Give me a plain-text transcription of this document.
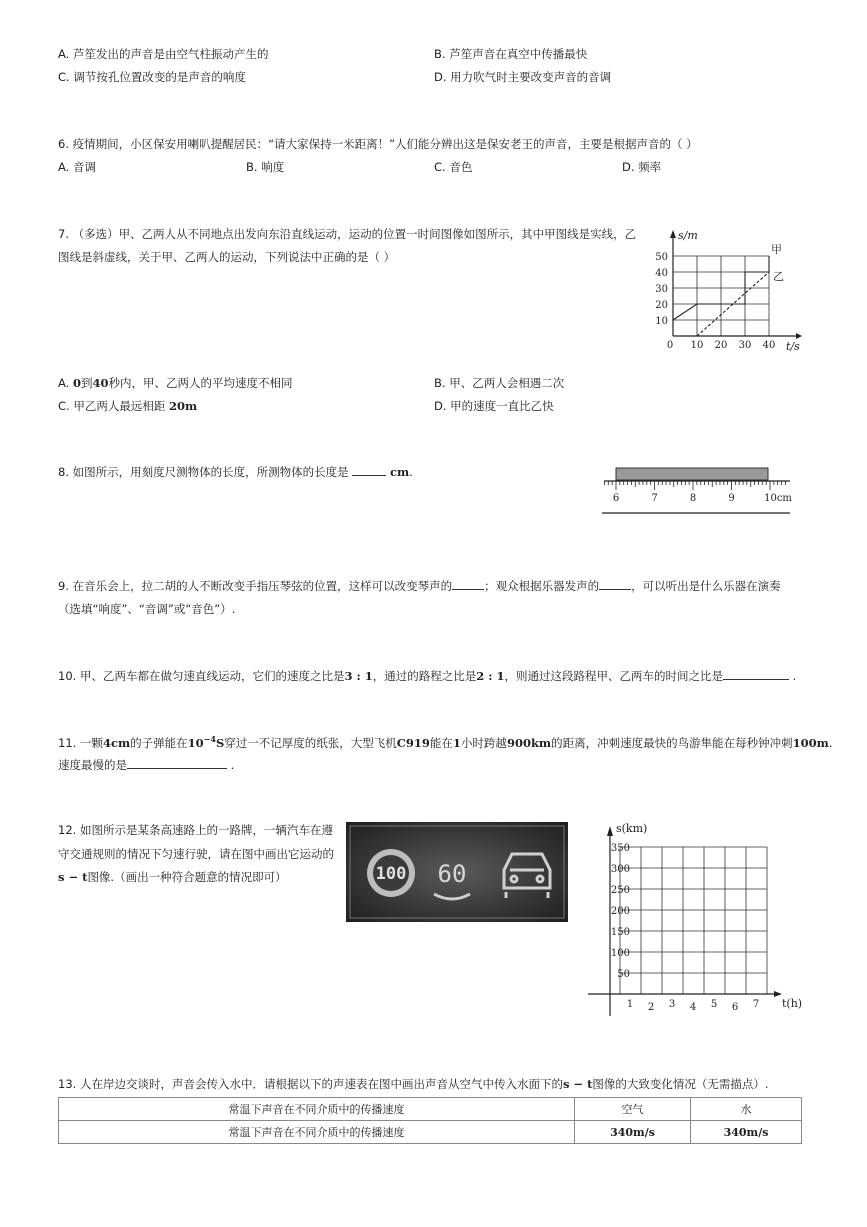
A. 芦笙发出的声音是由空气柱振动产生的	B. 芦笙声音在真空中传播最快
C. 调节按孔位置改变的是声音的响度	D. 用力吹气时主要改变声音的音调
6. 疫情期间，小区保安用喇叭提醒居民：“请大家保持一米距离！”人们能分辨出这是保安老王的声音，主要是根据声音的（ ）
A. 音调	B. 响度	C. 音色	D. 频率
7. （多选）甲、乙两人从不同地点出发向东沿直线运动，运动的位置一时间图像如图所示，其中甲图线是实线，乙
图线是斜虚线，关于甲、乙两人的运动，下列说法中正确的是（ ）
A. 0到40秒内，甲、乙两人的平均速度不相同	B. 甲、乙两人会相遇二次
C. 甲乙两人最远相距 20m	D. 甲的速度一直比乙快
s/m
t/s
10
20
30
40
50
0 10 20 30 40
甲
乙
8. 如图所示，用刻度尺测物体的长度，所测物体的长度是	cm.
6	7	8	9	10cm
9. 在音乐会上，拉二胡的人不断改变手指压琴弦的位置，这样可以改变琴声的	；观众根据乐器发声的	，可以听出是什么乐器在演奏
（选填“响度”、“音调”或“音色”）.
10. 甲、乙两车都在做匀速直线运动，它们的速度之比是3 : 1，通过的路程之比是2 : 1，则通过这段路程甲、乙两车的时间之比是	.
11. 一颗4cm的子弹能在$10^{-4}S$穿过一不记厚度的纸张，大型飞机C919能在1小时跨越900km的距离，冲刺速度最快的鸟游隼能在每秒钟冲刺100m.
速度最慢的是	.
12. 如图所示是某条高速路上的一路牌，一辆汽车在遵
守交通规则的情况下匀速行驶，请在图中画出它运动的
s − t图像.（画出一种符合题意的情况即可）	100 60
s(km)
t(h)
50
100
150
200
250
300
350
1 2 3 4 5 6 7
13. 人在岸边交谈时，声音会传入水中．请根据以下的声速表在图中画出声音从空气中传入水面下的s − t图像的大致变化情况（无需描点）.
常温下声音在不同介质中的传播速度	空气	水
常温下声音在不同介质中的传播速度	340m/s	340m/s
